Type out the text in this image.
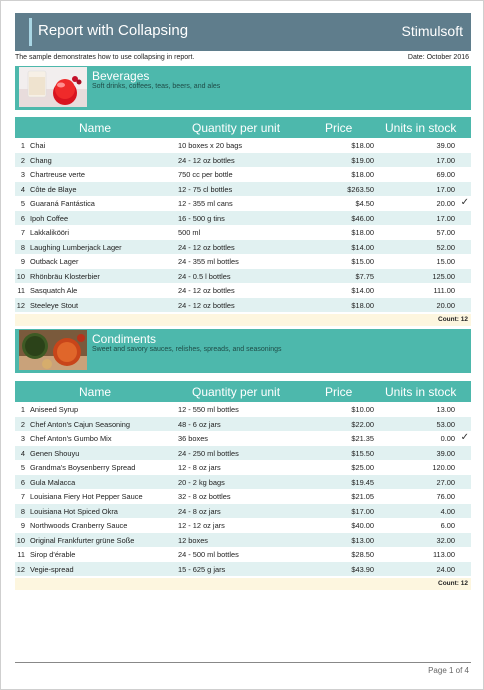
Report with Collapsing	Stimulsoft
The sample demonstrates how to use collapsing in report.	Date: October 2016
Beverages
Soft drinks, coffees, teas, beers, and ales
Name	Quantity per unit	Price	Units in stock
1 Chai	10 boxes x 20 bags	$18.00	39.00
2 Chang	24 - 12 oz bottles	$19.00	17.00
3 Chartreuse verte	750 cc per bottle	$18.00	69.00
4 Côte de Blaye	12 - 75 cl bottles	$263.50	17.00
5 Guaraná Fantástica	12 - 355 ml cans	$4.50	20.00 ✓
6 Ipoh Coffee	16 - 500 g tins	$46.00	17.00
7 Lakkalikööri	500 ml	$18.00	57.00
8 Laughing Lumberjack Lager	24 - 12 oz bottles	$14.00	52.00
9 Outback Lager	24 - 355 ml bottles	$15.00	15.00
10 Rhönbräu Klosterbier	24 - 0.5 l bottles	$7.75	125.00
11 Sasquatch Ale	24 - 12 oz bottles	$14.00	111.00
12 Steeleye Stout	24 - 12 oz bottles	$18.00	20.00
Count: 12
Condiments
Sweet and savory sauces, relishes, spreads, and seasonings
Name	Quantity per unit	Price	Units in stock
1 Aniseed Syrup	12 - 550 ml bottles	$10.00	13.00
2 Chef Anton's Cajun Seasoning	48 - 6 oz jars	$22.00	53.00
3 Chef Anton's Gumbo Mix	36 boxes	$21.35	0.00 ✓
4 Genen Shouyu	24 - 250 ml bottles	$15.50	39.00
5 Grandma's Boysenberry Spread	12 - 8 oz jars	$25.00	120.00
6 Gula Malacca	20 - 2 kg bags	$19.45	27.00
7 Louisiana Fiery Hot Pepper Sauce	32 - 8 oz bottles	$21.05	76.00
8 Louisiana Hot Spiced Okra	24 - 8 oz jars	$17.00	4.00
9 Northwoods Cranberry Sauce	12 - 12 oz jars	$40.00	6.00
10 Original Frankfurter grüne Soße	12 boxes	$13.00	32.00
11 Sirop d'érable	24 - 500 ml bottles	$28.50	113.00
12 Vegie-spread	15 - 625 g jars	$43.90	24.00
Count: 12
Page 1 of 4
